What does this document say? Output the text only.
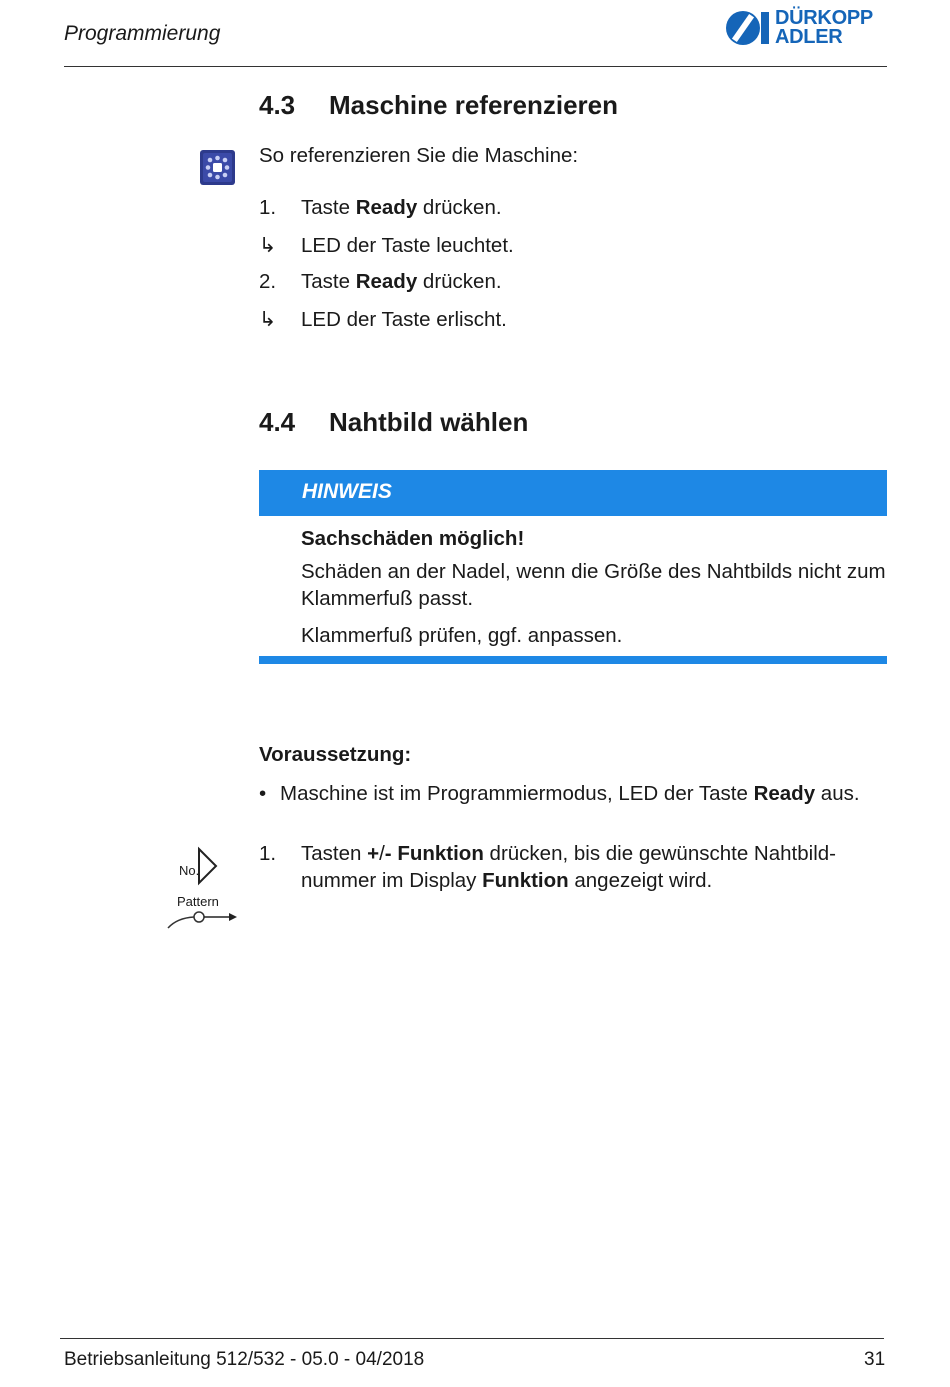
Programmierung
DÜRKOPP
ADLER
4.3 Maschine referenzieren
So referenzieren Sie die Maschine:
1. Taste Ready drücken.
↳ LED der Taste leuchtet.
2. Taste Ready drücken.
↳ LED der Taste erlischt.
4.4 Nahtbild wählen
HINWEIS
Sachschäden möglich!
Schäden an der Nadel, wenn die Größe des Nahtbilds nicht zum Klammerfuß passt.
Klammerfuß prüfen, ggf. anpassen.
Voraussetzung:
• Maschine ist im Programmiermodus, LED der Taste Ready aus.
1.	Tasten +/- Funktion drücken, bis die gewünschte Nahtbild-nummer im Display Funktion angezeigt wird.
No.
Pattern
Betriebsanleitung 512/532 - 05.0 - 04/2018	31
